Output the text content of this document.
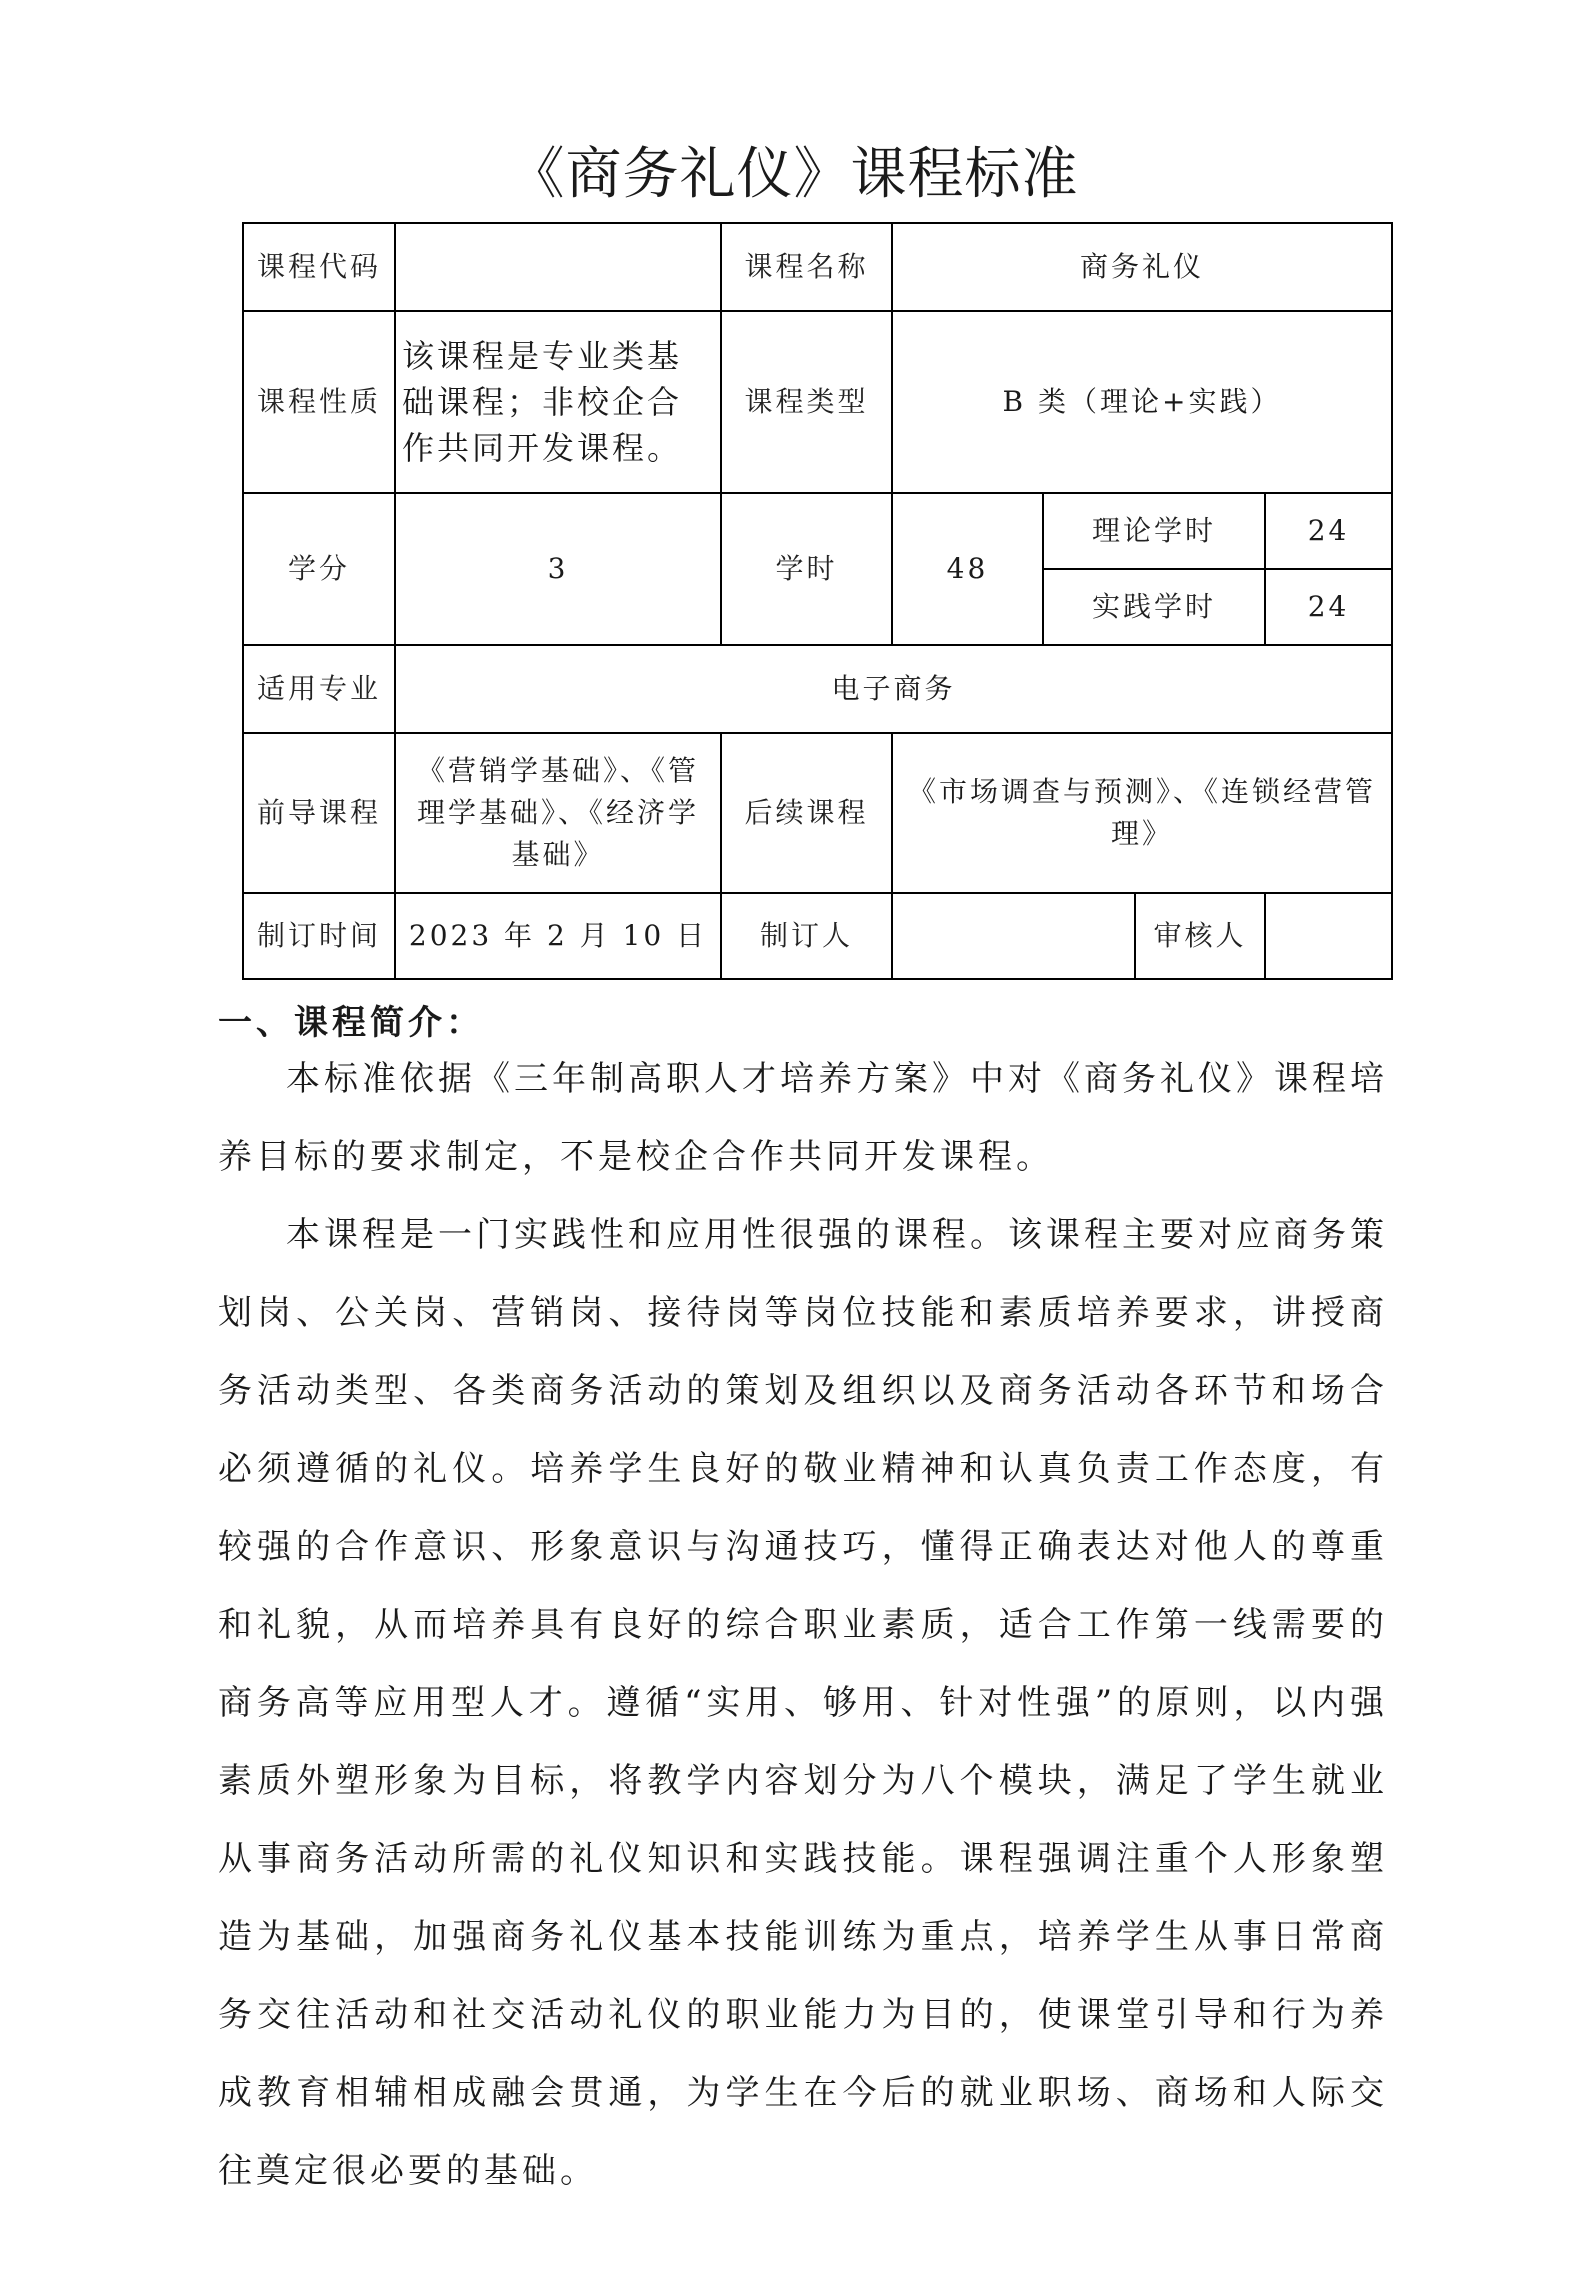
《商务礼仪》课程标准
课程代码		课程名称	商务礼仪			
课程性质	该课程是专业类基础课程；非校企合作共同开发课程。	课程类型	B 类（理论+实践）			
学分	3	学时	48	理论学时		24
				实践学时		24
适用专业	电子商务					
前导课程	《营销学基础》、《管理学基础》、《经济学基础》	后续课程	《市场调查与预测》、《连锁经营管理》			
制订时间	2023 年 2 月 10 日	制订人			审核人	
一、课程简介：

本标准依据《三年制高职人才培养方案》中对《商务礼仪》课程培养目标的要求制定，不是校企合作共同开发课程。

本课程是一门实践性和应用性很强的课程。该课程主要对应商务策划岗、公关岗、营销岗、接待岗等岗位技能和素质培养要求，讲授商务活动类型、各类商务活动的策划及组织以及商务活动各环节和场合必须遵循的礼仪。培养学生良好的敬业精神和认真负责工作态度，有较强的合作意识、形象意识与沟通技巧，懂得正确表达对他人的尊重和礼貌，从而培养具有良好的综合职业素质，适合工作第一线需要的商务高等应用型人才。遵循“实用、够用、针对性强”的原则，以内强素质外塑形象为目标，将教学内容划分为八个模块，满足了学生就业从事商务活动所需的礼仪知识和实践技能。课程强调注重个人形象塑造为基础，加强商务礼仪基本技能训练为重点，培养学生从事日常商务交往活动和社交活动礼仪的职业能力为目的，使课堂引导和行为养成教育相辅相成融会贯通，为学生在今后的就业职场、商场和人际交往奠定很必要的基础。
